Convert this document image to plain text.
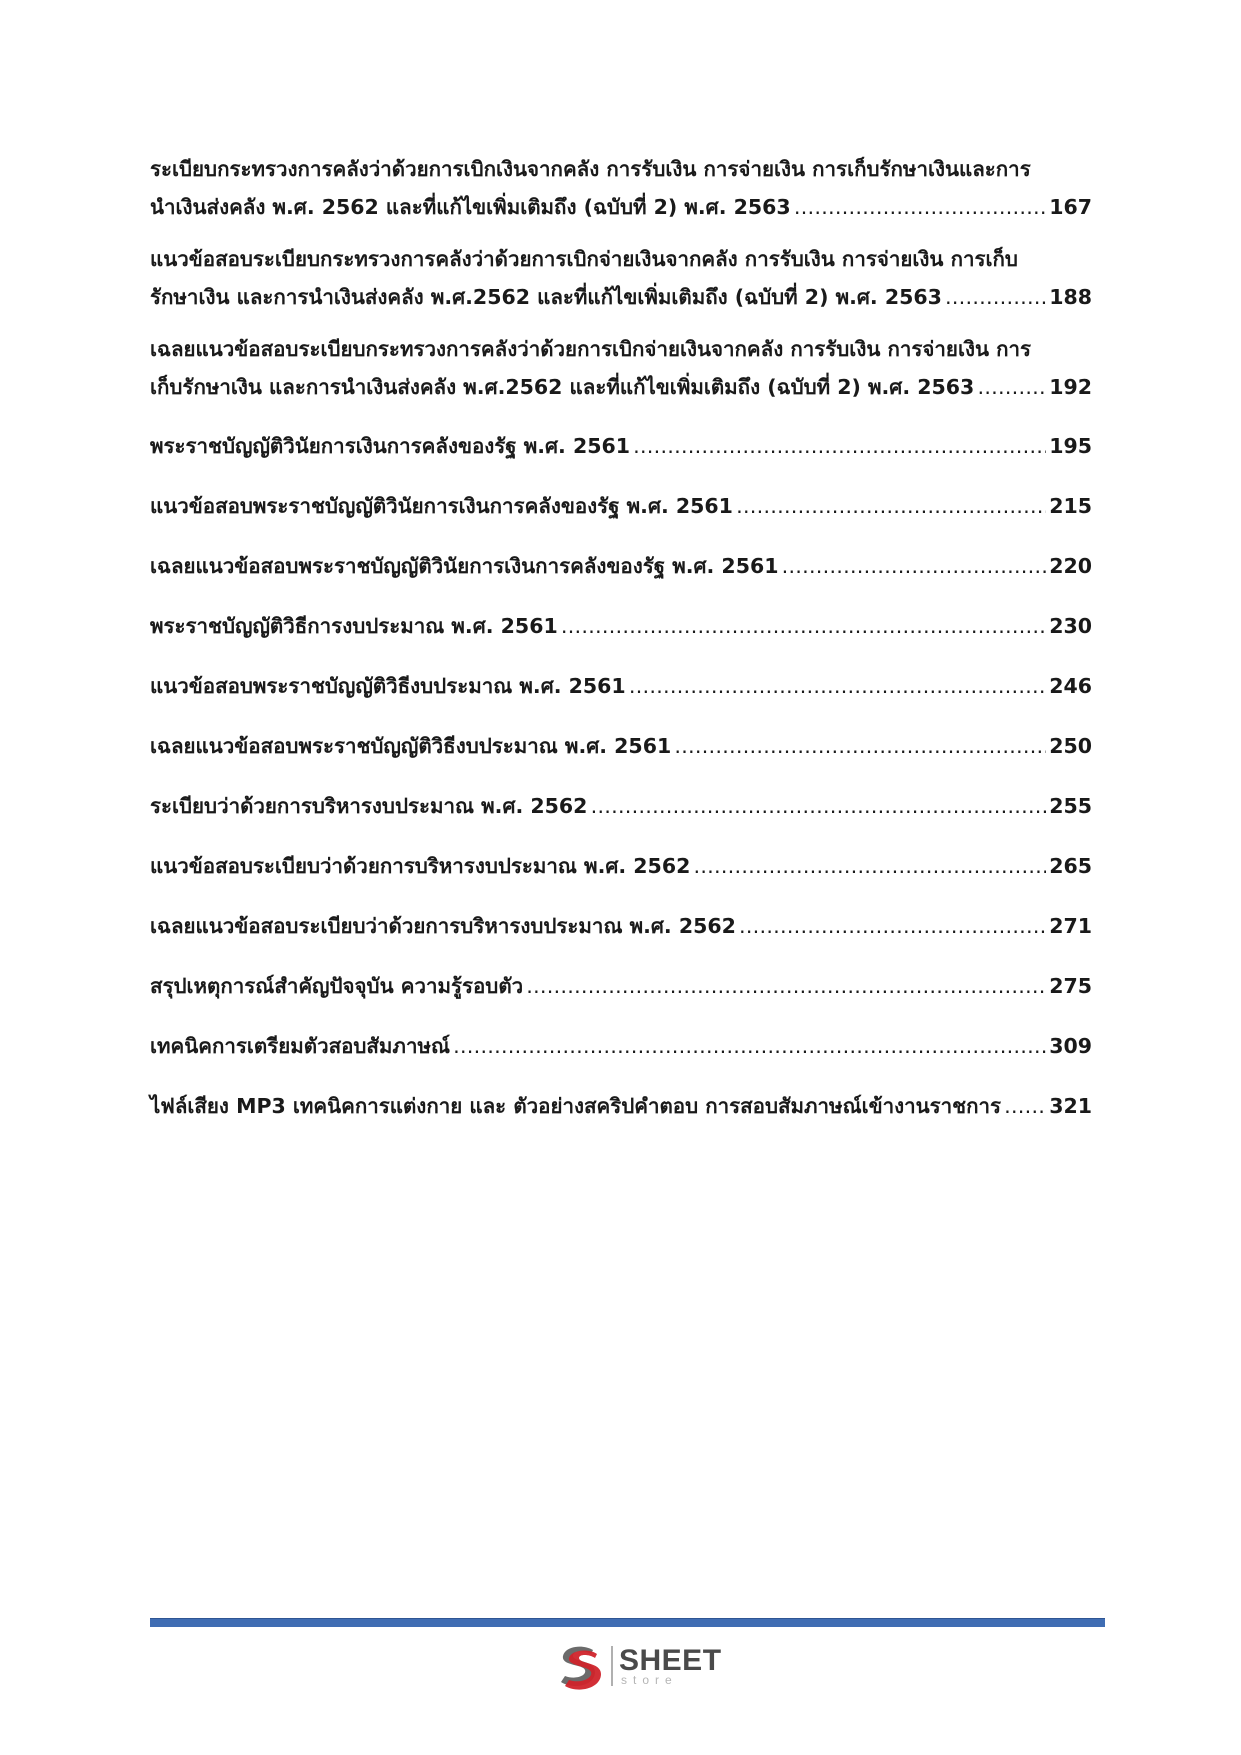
ระเบียบกระทรวงการคลังว่าด้วยการเบิกเงินจากคลัง การรับเงิน การจ่ายเงิน การเก็บรักษาเงินและการ
นำเงินส่งคลัง พ.ศ. 2562 และที่แก้ไขเพิ่มเติมถึง (ฉบับที่ 2) พ.ศ. 2563 …………………………………………………………………………………………………………………………………………………………………………………………	167
แนวข้อสอบระเบียบกระทรวงการคลังว่าด้วยการเบิกจ่ายเงินจากคลัง การรับเงิน การจ่ายเงิน การเก็บ
รักษาเงิน และการนำเงินส่งคลัง พ.ศ.2562 และที่แก้ไขเพิ่มเติมถึง (ฉบับที่ 2) พ.ศ. 2563 …………………………………………………………………………………………………………………………………………………………………………………………	188
เฉลยแนวข้อสอบระเบียบกระทรวงการคลังว่าด้วยการเบิกจ่ายเงินจากคลัง การรับเงิน การจ่ายเงิน การ
เก็บรักษาเงิน และการนำเงินส่งคลัง พ.ศ.2562 และที่แก้ไขเพิ่มเติมถึง (ฉบับที่ 2) พ.ศ. 2563 …………………………………………………………………………………………………………………………………………………………………………………………	192
พระราชบัญญัติวินัยการเงินการคลังของรัฐ พ.ศ. 2561 …………………………………………………………………………………………………………………………………………………………………………………………	195
แนวข้อสอบพระราชบัญญัติวินัยการเงินการคลังของรัฐ พ.ศ. 2561 …………………………………………………………………………………………………………………………………………………………………………………………	215
เฉลยแนวข้อสอบพระราชบัญญัติวินัยการเงินการคลังของรัฐ พ.ศ. 2561 …………………………………………………………………………………………………………………………………………………………………………………………	220
พระราชบัญญัติวิธีการงบประมาณ พ.ศ. 2561 …………………………………………………………………………………………………………………………………………………………………………………………	230
แนวข้อสอบพระราชบัญญัติวิธีงบประมาณ พ.ศ. 2561 …………………………………………………………………………………………………………………………………………………………………………………………	246
เฉลยแนวข้อสอบพระราชบัญญัติวิธีงบประมาณ พ.ศ. 2561 …………………………………………………………………………………………………………………………………………………………………………………………	250
ระเบียบว่าด้วยการบริหารงบประมาณ พ.ศ. 2562 …………………………………………………………………………………………………………………………………………………………………………………………	255
แนวข้อสอบระเบียบว่าด้วยการบริหารงบประมาณ พ.ศ. 2562 …………………………………………………………………………………………………………………………………………………………………………………………	265
เฉลยแนวข้อสอบระเบียบว่าด้วยการบริหารงบประมาณ พ.ศ. 2562 …………………………………………………………………………………………………………………………………………………………………………………………	271
สรุปเหตุการณ์สำคัญปัจจุบัน ความรู้รอบตัว …………………………………………………………………………………………………………………………………………………………………………………………	275
เทคนิคการเตรียมตัวสอบสัมภาษณ์ …………………………………………………………………………………………………………………………………………………………………………………………	309
ไฟล์เสียง MP3 เทคนิคการแต่งกาย และ ตัวอย่างสคริปคำตอบ การสอบสัมภาษณ์เข้างานราชการ ………………………………………………………………………………………………………………………………………………………………………………………… 321
SHEET
store
